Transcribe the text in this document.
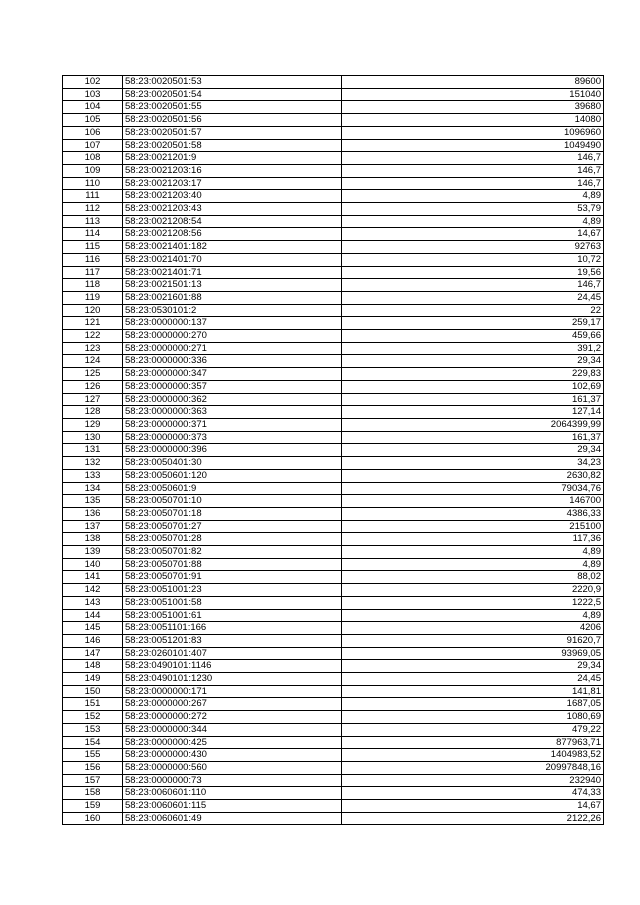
102	58:23:0020501:53	89600
103	58:23:0020501:54	151040
104	58:23:0020501:55	39680
105	58:23:0020501:56	14080
106	58:23:0020501:57	1096960
107	58:23:0020501:58	1049490
108	58:23:0021201:9	146,7
109	58:23:0021203:16	146,7
110	58:23:0021203:17	146,7
111	58:23:0021203:40	4,89
112	58:23:0021203:43	53,79
113	58:23:0021208:54	4,89
114	58:23:0021208:56	14,67
115	58:23:0021401:182	92763
116	58:23:0021401:70	10,72
117	58:23:0021401:71	19,56
118	58:23:0021501:13	146,7
119	58:23:0021601:88	24,45
120	58:23:0530101:2	22
121	58:23:0000000:137	259,17
122	58:23:0000000:270	459,66
123	58:23:0000000:271	391,2
124	58:23:0000000:336	29,34
125	58:23:0000000:347	229,83
126	58:23:0000000:357	102,69
127	58:23:0000000:362	161,37
128	58:23:0000000:363	127,14
129	58:23:0000000:371	2064399,99
130	58:23:0000000:373	161,37
131	58:23:0000000:396	29,34
132	58:23:0050401:30	34,23
133	58:23:0050601:120	2630,82
134	58:23:0050601:9	79034,76
135	58:23:0050701:10	146700
136	58:23:0050701:18	4386,33
137	58:23:0050701:27	215100
138	58:23:0050701:28	117,36
139	58:23:0050701:82	4,89
140	58:23:0050701:88	4,89
141	58:23:0050701:91	88,02
142	58:23:0051001:23	2220,9
143	58:23:0051001:58	1222,5
144	58:23:0051001:61	4,89
145	58:23:0051101:166	4206
146	58:23:0051201:83	91620,7
147	58:23:0260101:407	93969,05
148	58:23:0490101:1146	29,34
149	58:23:0490101:1230	24,45
150	58:23:0000000:171	141,81
151	58:23:0000000:267	1687,05
152	58:23:0000000:272	1080,69
153	58:23:0000000:344	479,22
154	58:23:0000000:425	877963,71
155	58:23:0000000:430	1404983,52
156	58:23:0000000:560	20997848,16
157	58:23:0000000:73	232940
158	58:23:0060601:110	474,33
159	58:23:0060601:115	14,67
160	58:23:0060601:49	2122,26
